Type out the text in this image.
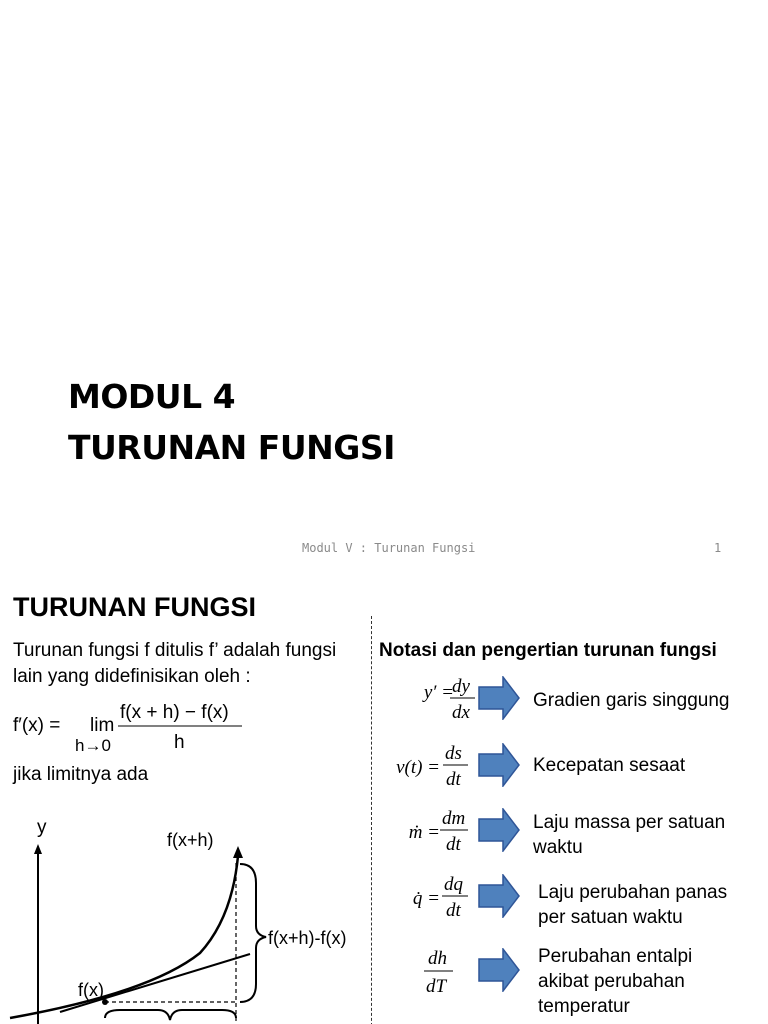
MODUL 4
TURUNAN FUNGSI
Modul V : Turunan Fungsi	1
TURUNAN FUNGSI
Turunan fungsi f ditulis f’ adalah fungsi lain yang didefinisikan oleh :
f′(x) = lim
h→0
f(x + h) − f(x)
h
jika limitnya ada
y
f(x+h)
f(x)
f(x+h)-f(x)
Notasi dan pengertian turunan fungsi
y′ =
dy
dx
Gradien garis singgung
v(t) =
ds
dt
Kecepatan sesaat
ṁ =
dm
dt
Laju massa per satuan
waktu
q̇ =
dq
dt
Laju perubahan panas
per satuan waktu
dh
dT
Perubahan entalpi
akibat perubahan
temperatur
